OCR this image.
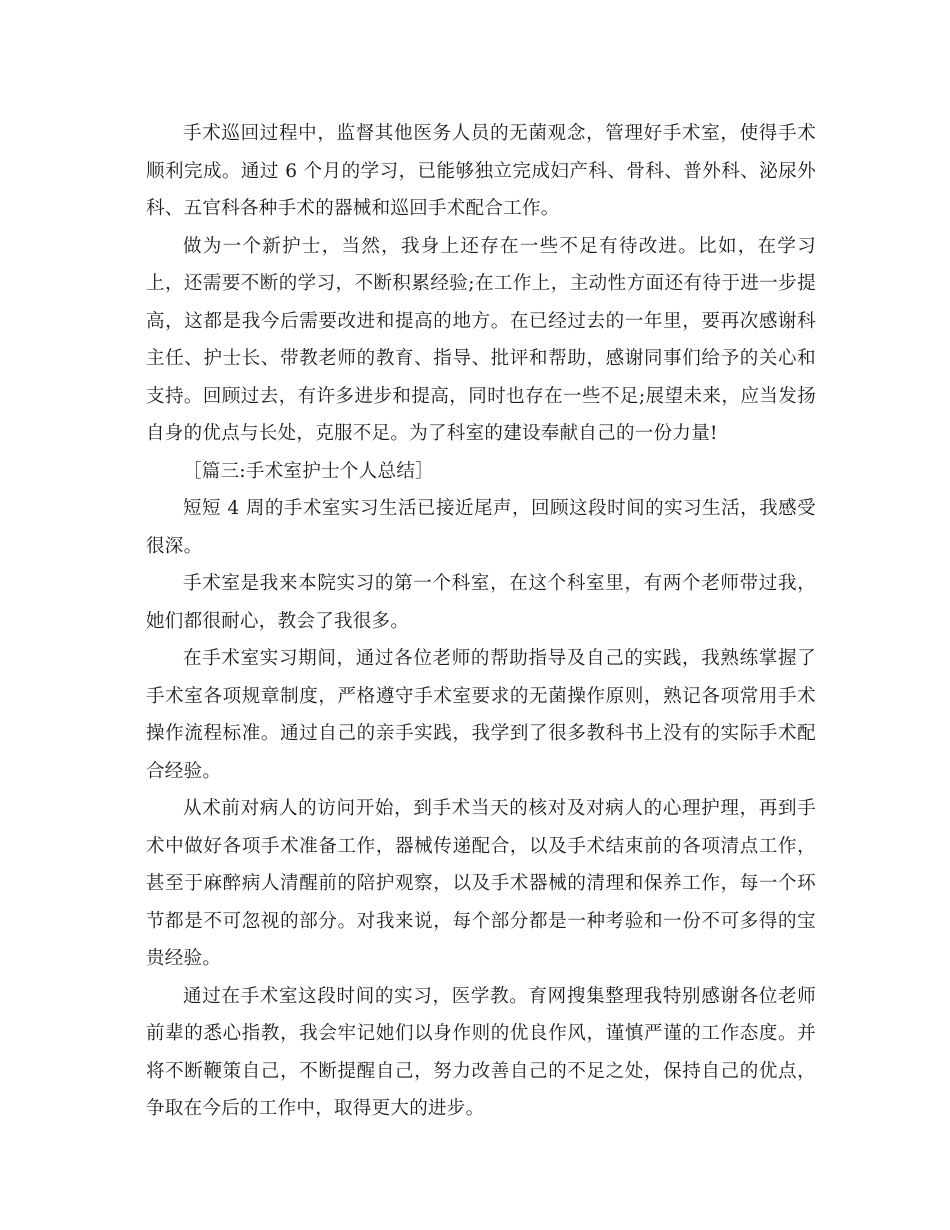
手术巡回过程中，监督其他医务人员的无菌观念，管理好手术室，使得手术顺利完成。通过 6 个月的学习，已能够独立完成妇产科、骨科、普外科、泌尿外科、五官科各种手术的器械和巡回手术配合工作。

做为一个新护士，当然，我身上还存在一些不足有待改进。比如，在学习上，还需要不断的学习，不断积累经验;在工作上，主动性方面还有待于进一步提高，这都是我今后需要改进和提高的地方。在已经过去的一年里，要再次感谢科主任、护士长、带教老师的教育、指导、批评和帮助，感谢同事们给予的关心和支持。回顾过去，有许多进步和提高，同时也存在一些不足;展望未来，应当发扬自身的优点与长处，克服不足。为了科室的建设奉献自己的一份力量!

［篇三:手术室护士个人总结］

短短 4 周的手术室实习生活已接近尾声，回顾这段时间的实习生活，我感受很深。

手术室是我来本院实习的第一个科室，在这个科室里，有两个老师带过我，她们都很耐心，教会了我很多。

在手术室实习期间，通过各位老师的帮助指导及自己的实践，我熟练掌握了手术室各项规章制度，严格遵守手术室要求的无菌操作原则，熟记各项常用手术操作流程标准。通过自己的亲手实践，我学到了很多教科书上没有的实际手术配合经验。

从术前对病人的访问开始，到手术当天的核对及对病人的心理护理，再到手术中做好各项手术准备工作，器械传递配合，以及手术结束前的各项清点工作，甚至于麻醉病人清醒前的陪护观察，以及手术器械的清理和保养工作，每一个环节都是不可忽视的部分。对我来说，每个部分都是一种考验和一份不可多得的宝贵经验。

通过在手术室这段时间的实习，医学教。育网搜集整理我特别感谢各位老师前辈的悉心指教，我会牢记她们以身作则的优良作风，谨慎严谨的工作态度。并将不断鞭策自己，不断提醒自己，努力改善自己的不足之处，保持自己的优点，争取在今后的工作中，取得更大的进步。
